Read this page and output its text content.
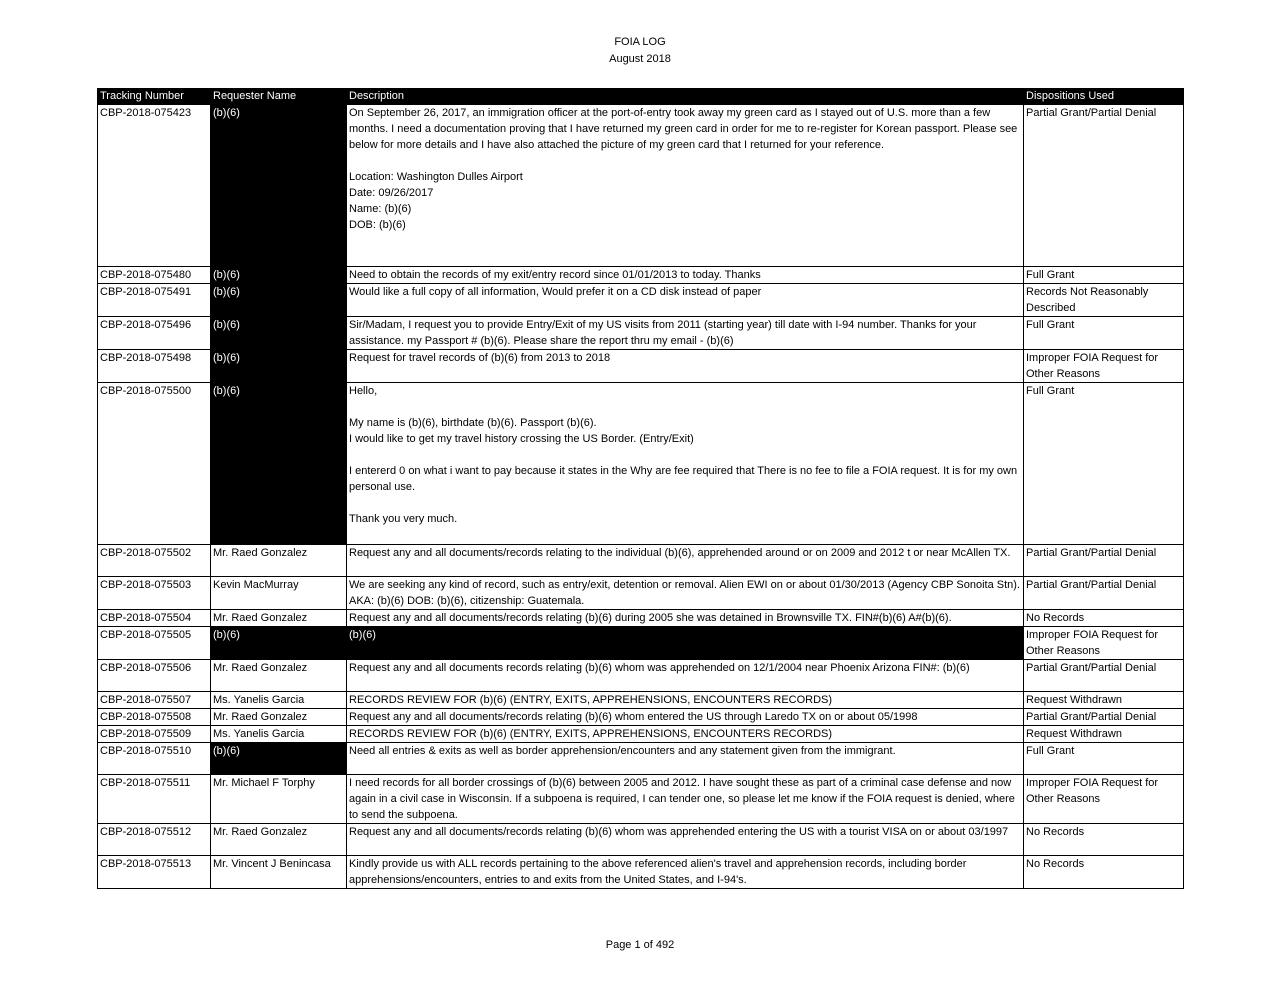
FOIA LOG
August 2018
Tracking Number	Requester Name	Description	Dispositions Used
CBP-2018-075423	(b)(6)	On September 26, 2017, an immigration officer at the port-of-entry took away my green card as I stayed out of U.S. more than a few months. I need a documentation proving that I have returned my green card in order for me to re-register for Korean passport. Please see below for more details and I have also attached the picture of my green card that I returned for your reference.

Location: Washington Dulles Airport
Date: 09/26/2017
Name: (b)(6)
DOB: (b)(6)	Partial Grant/Partial Denial
CBP-2018-075480	(b)(6)	Need to obtain the records of my exit/entry record since 01/01/2013 to today. Thanks	Full Grant
CBP-2018-075491	(b)(6)	Would like a full copy of all information, Would prefer it on a CD disk instead of paper	Records Not Reasonably Described
CBP-2018-075496	(b)(6)	Sir/Madam, I request you to provide Entry/Exit of my US visits from 2011 (starting year) till date with I-94 number. Thanks for your assistance. my Passport # (b)(6). Please share the report thru my email - (b)(6)	Full Grant
CBP-2018-075498	(b)(6)	Request for travel records of (b)(6) from 2013 to 2018	Improper FOIA Request for Other Reasons
CBP-2018-075500	(b)(6)	Hello,

My name is (b)(6), birthdate (b)(6). Passport (b)(6).
I would like to get my travel history crossing the US Border. (Entry/Exit)

I entererd 0 on what i want to pay because it states in the Why are fee required that There is no fee to file a FOIA request. It is for my own personal use.

Thank you very much.	Full Grant
CBP-2018-075502	Mr. Raed Gonzalez	Request any and all documents/records relating to the individual (b)(6), apprehended around or on 2009 and 2012 t or near McAllen TX.	Partial Grant/Partial Denial
CBP-2018-075503	Kevin MacMurray	We are seeking any kind of record, such as entry/exit, detention or removal. Alien EWI on or about 01/30/2013 (Agency CBP Sonoita Stn). AKA: (b)(6) DOB: (b)(6), citizenship: Guatemala.	Partial Grant/Partial Denial
CBP-2018-075504	Mr. Raed Gonzalez	Request any and all documents/records relating (b)(6) during 2005 she was detained in Brownsville TX. FIN#(b)(6) A#(b)(6).	No Records
CBP-2018-075505	(b)(6)	(b)(6)	Improper FOIA Request for Other Reasons
CBP-2018-075506	Mr. Raed Gonzalez	Request any and all documents records relating (b)(6) whom was apprehended on 12/1/2004 near Phoenix Arizona FIN#: (b)(6)	Partial Grant/Partial Denial
CBP-2018-075507	Ms. Yanelis Garcia	RECORDS REVIEW FOR (b)(6) (ENTRY, EXITS, APPREHENSIONS, ENCOUNTERS RECORDS)	Request Withdrawn
CBP-2018-075508	Mr. Raed Gonzalez	Request any and all documents/records relating (b)(6) whom entered the US through Laredo TX on or about 05/1998	Partial Grant/Partial Denial
CBP-2018-075509	Ms. Yanelis Garcia	RECORDS REVIEW FOR (b)(6) (ENTRY, EXITS, APPREHENSIONS, ENCOUNTERS RECORDS)	Request Withdrawn
CBP-2018-075510	(b)(6)	Need all entries & exits as well as border apprehension/encounters and any statement given from the immigrant.	Full Grant
CBP-2018-075511	Mr. Michael F Torphy	I need records for all border crossings of (b)(6) between 2005 and 2012. I have sought these as part of a criminal case defense and now again in a civil case in Wisconsin. If a subpoena is required, I can tender one, so please let me know if the FOIA request is denied, where to send the subpoena.	Improper FOIA Request for Other Reasons
CBP-2018-075512	Mr. Raed Gonzalez	Request any and all documents/records relating (b)(6) whom was apprehended entering the US with a tourist VISA on or about 03/1997	No Records
CBP-2018-075513	Mr. Vincent J Benincasa	Kindly provide us with ALL records pertaining to the above referenced alien's travel and apprehension records, including border apprehensions/encounters, entries to and exits from the United States, and I-94's.	No Records
Page 1 of 492
